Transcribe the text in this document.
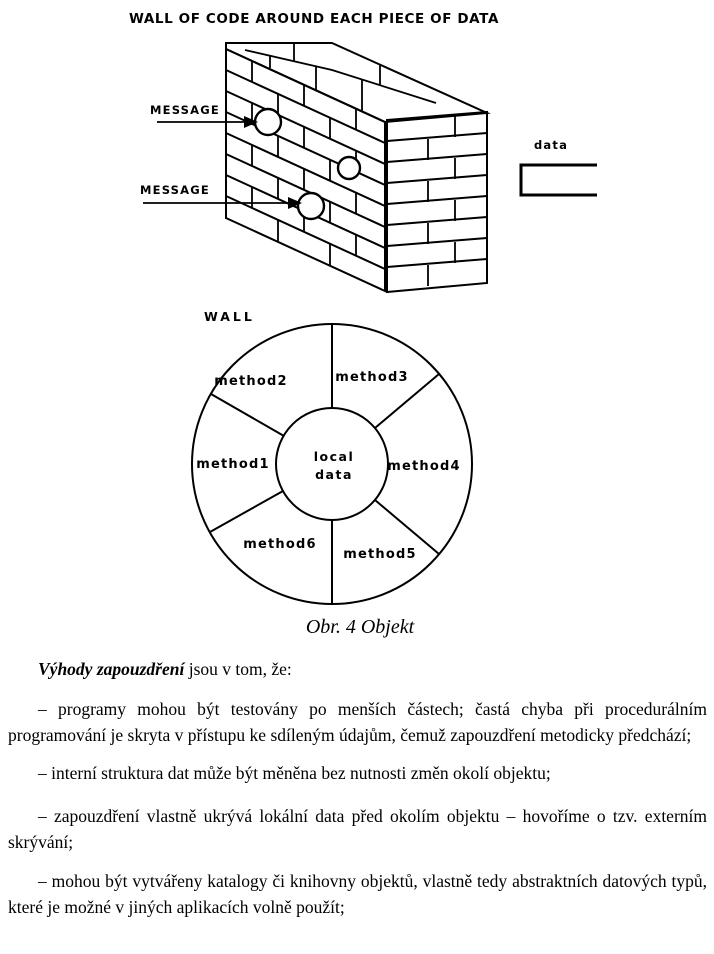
WALL OF CODE AROUND EACH PIECE OF DATA
MESSAGE
MESSAGE
data
WALL
method1
method2	method3
method4
method5
method6
local
data
Obr. 4 Objekt

Výhody zapouzdření jsou v tom, že:

– programy mohou být testovány po menších částech; častá chyba při procedurálním programování je skryta v přístupu ke sdíleným údajům, čemuž zapouzdření metodicky předchází;

– interní struktura dat může být měněna bez nutnosti změn okolí objektu;

– zapouzdření vlastně ukrývá lokální data před okolím objektu – hovoříme o tzv. externím skrývání;

– mohou být vytvářeny katalogy či knihovny objektů, vlastně tedy abstraktních datových typů, které je možné v jiných aplikacích volně použít;
